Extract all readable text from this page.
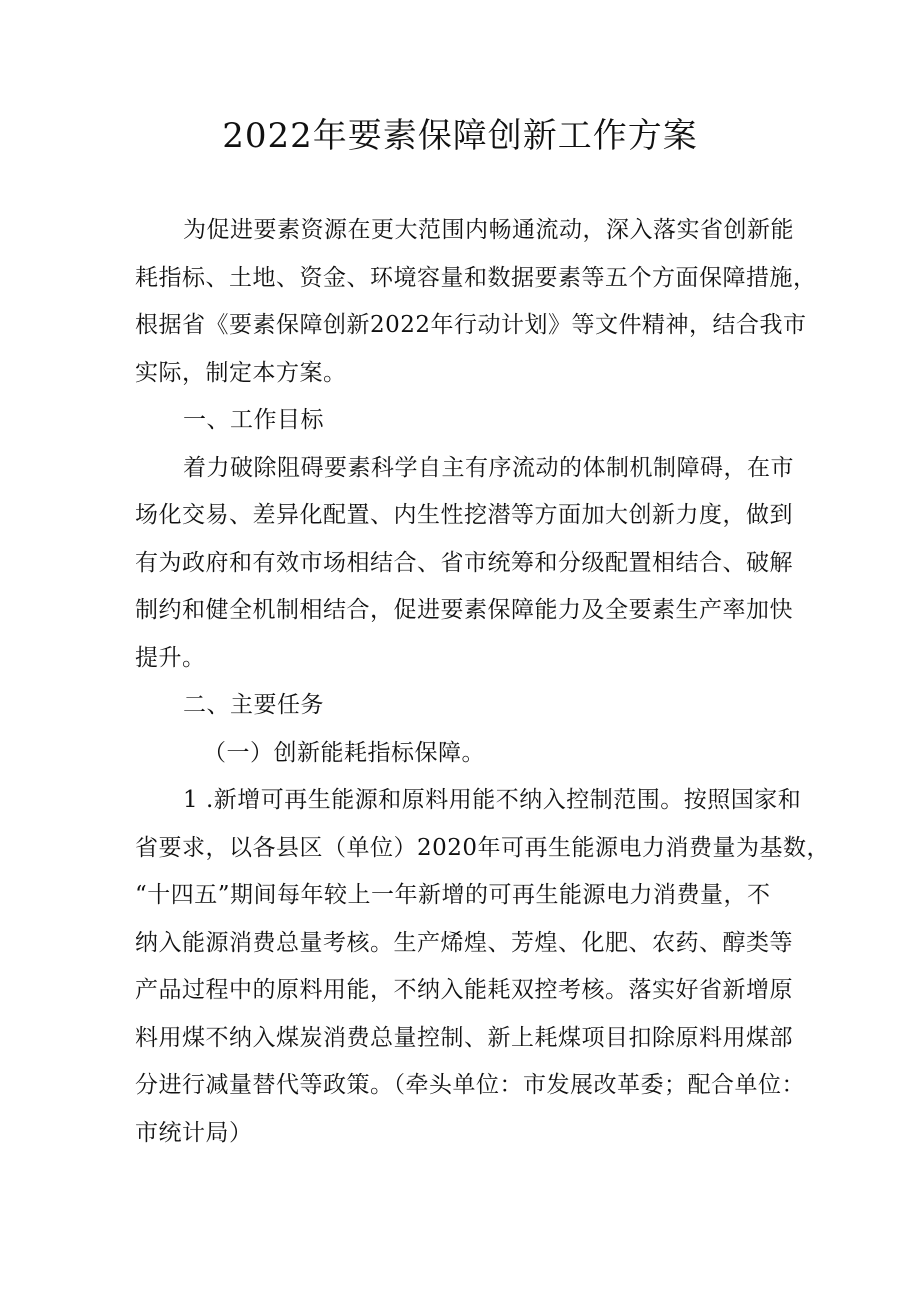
2022年要素保障创新工作方案
为促进要素资源在更大范围内畅通流动，深入落实省创新能
耗指标、土地、资金、环境容量和数据要素等五个方面保障措施，
根据省《要素保障创新2022年行动计划》等文件精神，结合我市
实际，制定本方案。
一、工作目标
着力破除阻碍要素科学自主有序流动的体制机制障碍，在市
场化交易、差异化配置、内生性挖潜等方面加大创新力度，做到
有为政府和有效市场相结合、省市统筹和分级配置相结合、破解
制约和健全机制相结合，促进要素保障能力及全要素生产率加快
提升。
二、主要任务
（一）创新能耗指标保障。
1 .新增可再生能源和原料用能不纳入控制范围。按照国家和
省要求，以各县区（单位）2020年可再生能源电力消费量为基数，
“十四五”期间每年较上一年新增的可再生能源电力消费量，不
纳入能源消费总量考核。生产烯煌、芳煌、化肥、农药、醇类等
产品过程中的原料用能，不纳入能耗双控考核。落实好省新增原
料用煤不纳入煤炭消费总量控制、新上耗煤项目扣除原料用煤部
分进行减量替代等政策。（牵头单位：市发展改革委；配合单位：
市统计局）
